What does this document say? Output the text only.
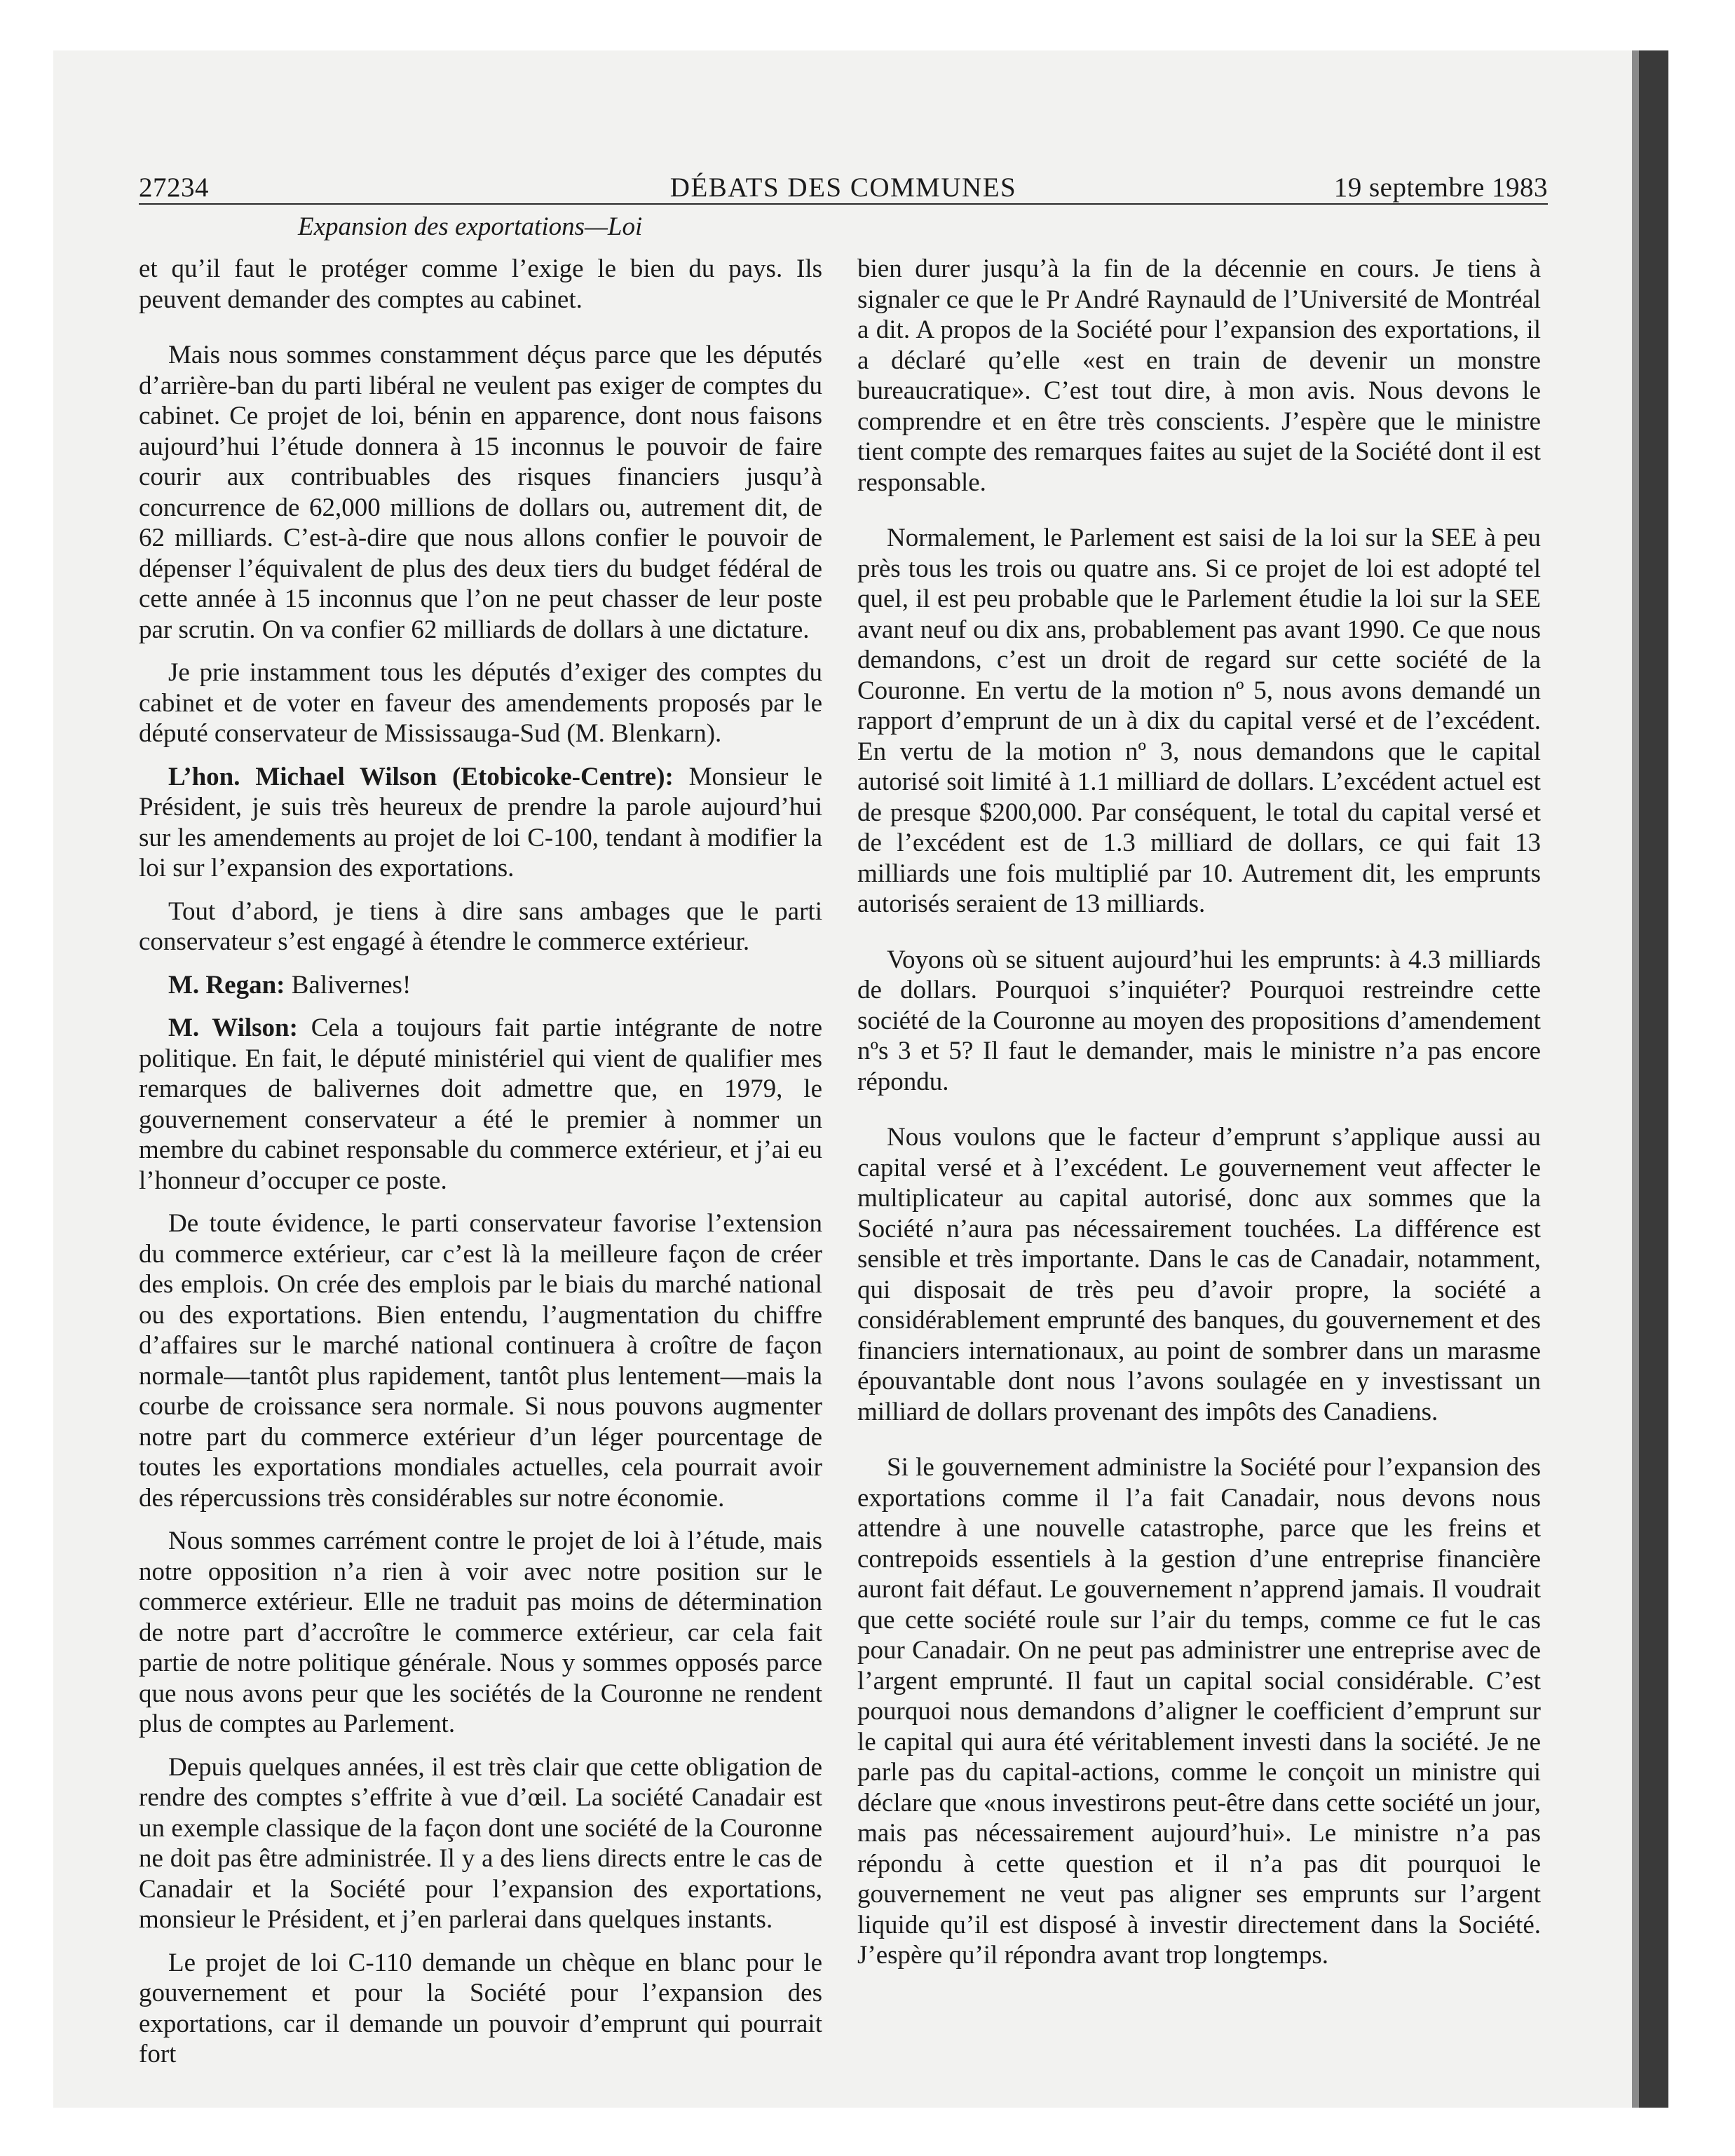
27234	DÉBATS DES COMMUNES	19 septembre 1983
Expansion des exportations—Loi

et qu’il faut le protéger comme l’exige le bien du pays. Ils peuvent demander des comptes au cabinet.

Mais nous sommes constamment déçus parce que les députés d’arrière-ban du parti libéral ne veulent pas exiger de comptes du cabinet. Ce projet de loi, bénin en apparence, dont nous faisons aujourd’hui l’étude donnera à 15 inconnus le pouvoir de faire courir aux contribuables des risques financiers jusqu’à concurrence de 62,000 millions de dollars ou, autrement dit, de 62 milliards. C’est-à-dire que nous allons confier le pouvoir de dépenser l’équivalent de plus des deux tiers du budget fédéral de cette année à 15 inconnus que l’on ne peut chasser de leur poste par scrutin. On va confier 62 milliards de dollars à une dictature.

Je prie instamment tous les députés d’exiger des comptes du cabinet et de voter en faveur des amendements proposés par le député conservateur de Mississauga-Sud (M. Blenkarn).

L’hon. Michael Wilson (Etobicoke-Centre): Monsieur le Président, je suis très heureux de prendre la parole aujourd’hui sur les amendements au projet de loi C-100, tendant à modifier la loi sur l’expansion des exportations.

Tout d’abord, je tiens à dire sans ambages que le parti conservateur s’est engagé à étendre le commerce extérieur.

M. Regan: Balivernes!

M. Wilson: Cela a toujours fait partie intégrante de notre politique. En fait, le député ministériel qui vient de qualifier mes remarques de balivernes doit admettre que, en 1979, le gouvernement conservateur a été le premier à nommer un membre du cabinet responsable du commerce extérieur, et j’ai eu l’honneur d’occuper ce poste.

De toute évidence, le parti conservateur favorise l’extension du commerce extérieur, car c’est là la meilleure façon de créer des emplois. On crée des emplois par le biais du marché national ou des exportations. Bien entendu, l’augmentation du chiffre d’affaires sur le marché national continuera à croître de façon normale—tantôt plus rapidement, tantôt plus lentement—mais la courbe de croissance sera normale. Si nous pouvons augmenter notre part du commerce extérieur d’un léger pourcentage de toutes les exportations mondiales actuelles, cela pourrait avoir des répercussions très considérables sur notre économie.

Nous sommes carrément contre le projet de loi à l’étude, mais notre opposition n’a rien à voir avec notre position sur le commerce extérieur. Elle ne traduit pas moins de détermination de notre part d’accroître le commerce extérieur, car cela fait partie de notre politique générale. Nous y sommes opposés parce que nous avons peur que les sociétés de la Couronne ne rendent plus de comptes au Parlement.

Depuis quelques années, il est très clair que cette obligation de rendre des comptes s’effrite à vue d’œil. La société Canadair est un exemple classique de la façon dont une société de la Couronne ne doit pas être administrée. Il y a des liens directs entre le cas de Canadair et la Société pour l’expansion des exportations, monsieur le Président, et j’en parlerai dans quelques instants.

Le projet de loi C-110 demande un chèque en blanc pour le gouvernement et pour la Société pour l’expansion des exportations, car il demande un pouvoir d’emprunt qui pourrait fort

bien durer jusqu’à la fin de la décennie en cours. Je tiens à signaler ce que le Pr André Raynauld de l’Université de Montréal a dit. A propos de la Société pour l’expansion des exportations, il a déclaré qu’elle «est en train de devenir un monstre bureaucratique». C’est tout dire, à mon avis. Nous devons le comprendre et en être très conscients. J’espère que le ministre tient compte des remarques faites au sujet de la Société dont il est responsable.

Normalement, le Parlement est saisi de la loi sur la SEE à peu près tous les trois ou quatre ans. Si ce projet de loi est adopté tel quel, il est peu probable que le Parlement étudie la loi sur la SEE avant neuf ou dix ans, probablement pas avant 1990. Ce que nous demandons, c’est un droit de regard sur cette société de la Couronne. En vertu de la motion nº 5, nous avons demandé un rapport d’emprunt de un à dix du capital versé et de l’excédent. En vertu de la motion nº 3, nous demandons que le capital autorisé soit limité à 1.1 milliard de dollars. L’excédent actuel est de presque $200,000. Par conséquent, le total du capital versé et de l’excédent est de 1.3 milliard de dollars, ce qui fait 13 milliards une fois multiplié par 10. Autrement dit, les emprunts autorisés seraient de 13 milliards.

Voyons où se situent aujourd’hui les emprunts: à 4.3 milliards de dollars. Pourquoi s’inquiéter? Pourquoi restreindre cette société de la Couronne au moyen des propositions d’amendement nºs 3 et 5? Il faut le demander, mais le ministre n’a pas encore répondu.

Nous voulons que le facteur d’emprunt s’applique aussi au capital versé et à l’excédent. Le gouvernement veut affecter le multiplicateur au capital autorisé, donc aux sommes que la Société n’aura pas nécessairement touchées. La différence est sensible et très importante. Dans le cas de Canadair, notamment, qui disposait de très peu d’avoir propre, la société a considérablement emprunté des banques, du gouvernement et des financiers internationaux, au point de sombrer dans un marasme épouvantable dont nous l’avons soulagée en y investissant un milliard de dollars provenant des impôts des Canadiens.

Si le gouvernement administre la Société pour l’expansion des exportations comme il l’a fait Canadair, nous devons nous attendre à une nouvelle catastrophe, parce que les freins et contrepoids essentiels à la gestion d’une entreprise financière auront fait défaut. Le gouvernement n’apprend jamais. Il voudrait que cette société roule sur l’air du temps, comme ce fut le cas pour Canadair. On ne peut pas administrer une entreprise avec de l’argent emprunté. Il faut un capital social considérable. C’est pourquoi nous demandons d’aligner le coefficient d’emprunt sur le capital qui aura été véritablement investi dans la société. Je ne parle pas du capital-actions, comme le conçoit un ministre qui déclare que «nous investirons peut-être dans cette société un jour, mais pas nécessairement aujourd’hui». Le ministre n’a pas répondu à cette question et il n’a pas dit pourquoi le gouvernement ne veut pas aligner ses emprunts sur l’argent liquide qu’il est disposé à investir directement dans la Société. J’espère qu’il répondra avant trop longtemps.
